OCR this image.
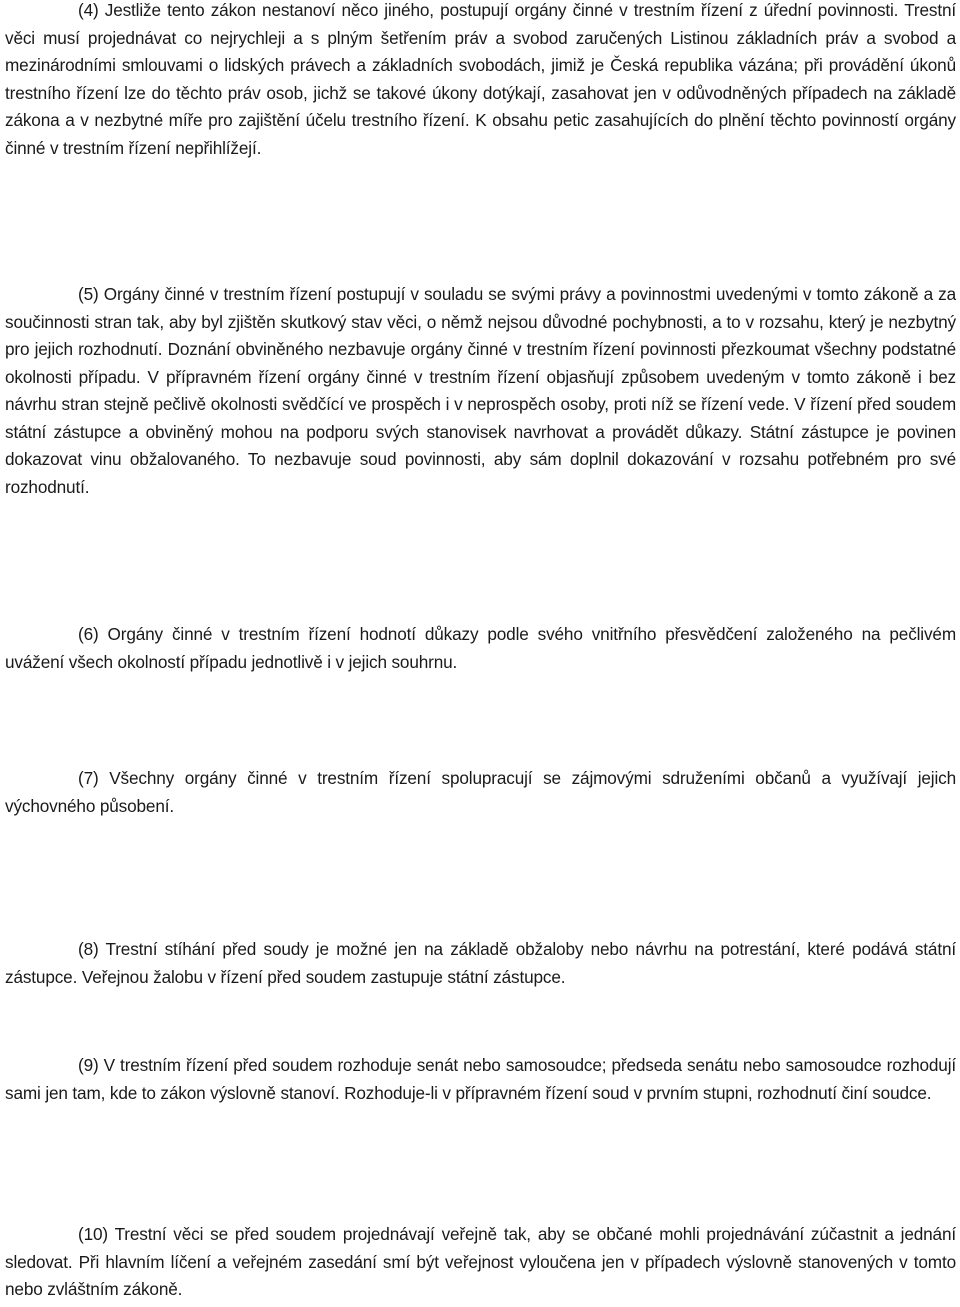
(4) Jestliže tento zákon nestanoví něco jiného, postupují orgány činné v trestním řízení z úřední povinnosti. Trestní věci musí projednávat co nejrychleji a s plným šetřením práv a svobod zaručených Listinou základních práv a svobod a mezinárodními smlouvami o lidských právech a základních svobodách, jimiž je Česká republika vázána; při provádění úkonů trestního řízení lze do těchto práv osob, jichž se takové úkony dotýkají, zasahovat jen v odůvodněných případech na základě zákona a v nezbytné míře pro zajištění účelu trestního řízení. K obsahu petic zasahujících do plnění těchto povinností orgány činné v trestním řízení nepřihlížejí.

(5) Orgány činné v trestním řízení postupují v souladu se svými právy a povinnostmi uvedenými v tomto zákoně a za součinnosti stran tak, aby byl zjištěn skutkový stav věci, o němž nejsou důvodné pochybnosti, a to v rozsahu, který je nezbytný pro jejich rozhodnutí. Doznání obviněného nezbavuje orgány činné v trestním řízení povinnosti přezkoumat všechny podstatné okolnosti případu. V přípravném řízení orgány činné v trestním řízení objasňují způsobem uvedeným v tomto zákoně i bez návrhu stran stejně pečlivě okolnosti svědčící ve prospěch i v neprospěch osoby, proti níž se řízení vede. V řízení před soudem státní zástupce a obviněný mohou na podporu svých stanovisek navrhovat a provádět důkazy. Státní zástupce je povinen dokazovat vinu obžalovaného. To nezbavuje soud povinnosti, aby sám doplnil dokazování v rozsahu potřebném pro své rozhodnutí.

(6) Orgány činné v trestním řízení hodnotí důkazy podle svého vnitřního přesvědčení založeného na pečlivém uvážení všech okolností případu jednotlivě i v jejich souhrnu.

(7) Všechny orgány činné v trestním řízení spolupracují se zájmovými sdruženími občanů a využívají jejich výchovného působení.

(8) Trestní stíhání před soudy je možné jen na základě obžaloby nebo návrhu na potrestání, které podává státní zástupce. Veřejnou žalobu v řízení před soudem zastupuje státní zástupce.

(9) V trestním řízení před soudem rozhoduje senát nebo samosoudce; předseda senátu nebo samosoudce rozhodují sami jen tam, kde to zákon výslovně stanoví. Rozhoduje-li v přípravném řízení soud v prvním stupni, rozhodnutí činí soudce.

(10) Trestní věci se před soudem projednávají veřejně tak, aby se občané mohli projednávání zúčastnit a jednání sledovat. Při hlavním líčení a veřejném zasedání smí být veřejnost vyloučena jen v případech výslovně stanovených v tomto nebo zvláštním zákoně.
